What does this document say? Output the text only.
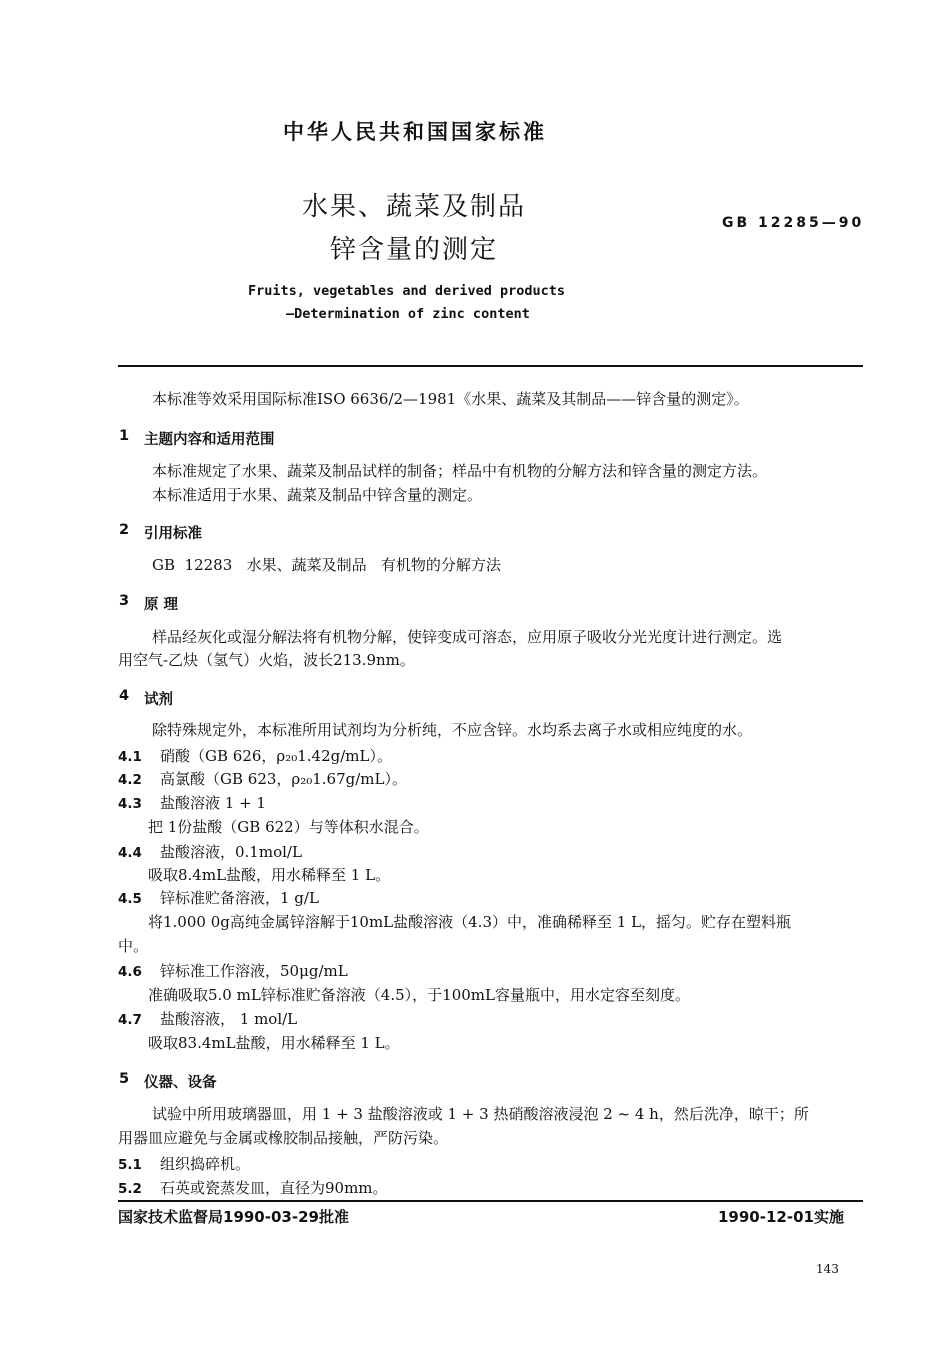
中华人民共和国国家标准
水果、蔬菜及制品
锌含量的测定
GB 12285—90
Fruits, vegetables and derived products
—Determination of zinc content
本标准等效采用国际标准ISO 6636/2—1981《水果、蔬菜及其制品——锌含量的测定》。
1 主题内容和适用范围
本标准规定了水果、蔬菜及制品试样的制备；样品中有机物的分解方法和锌含量的测定方法。
本标准适用于水果、蔬菜及制品中锌含量的测定。
2 引用标准
GB  12283   水果、蔬菜及制品   有机物的分解方法
3 原 理
样品经灰化或湿分解法将有机物分解，使锌变成可溶态，应用原子吸收分光光度计进行测定。选
用空气-乙炔（氢气）火焰，波长213.9nm。
4 试剂
除特殊规定外，本标准所用试剂均为分析纯，不应含锌。水均系去离子水或相应纯度的水。
4.1 硝酸（GB 626，ρ₂₀1.42g/mL）。
4.2 高氯酸（GB 623，ρ₂₀1.67g/mL）。
4.3 盐酸溶液 1 + 1
把 1份盐酸（GB 622）与等体积水混合。
4.4 盐酸溶液，0.1mol/L
吸取8.4mL盐酸，用水稀释至 1 L。
4.5 锌标准贮备溶液，1 g/L
将1.000 0g高纯金属锌溶解于10mL盐酸溶液（4.3）中，准确稀释至 1 L，摇匀。贮存在塑料瓶
中。
4.6 锌标准工作溶液，50μg/mL
准确吸取5.0 mL锌标准贮备溶液（4.5），于100mL容量瓶中，用水定容至刻度。
4.7 盐酸溶液， 1 mol/L
吸取83.4mL盐酸，用水稀释至 1 L。
5 仪器、设备
试验中所用玻璃器皿，用 1 + 3 盐酸溶液或 1 + 3 热硝酸溶液浸泡 2 ~ 4 h，然后洗净，晾干；所
用器皿应避免与金属或橡胶制品接触，严防污染。
5.1 组织捣碎机。
5.2 石英或瓷蒸发皿，直径为90mm。
国家技术监督局1990-03-29批准	1990-12-01实施
143
